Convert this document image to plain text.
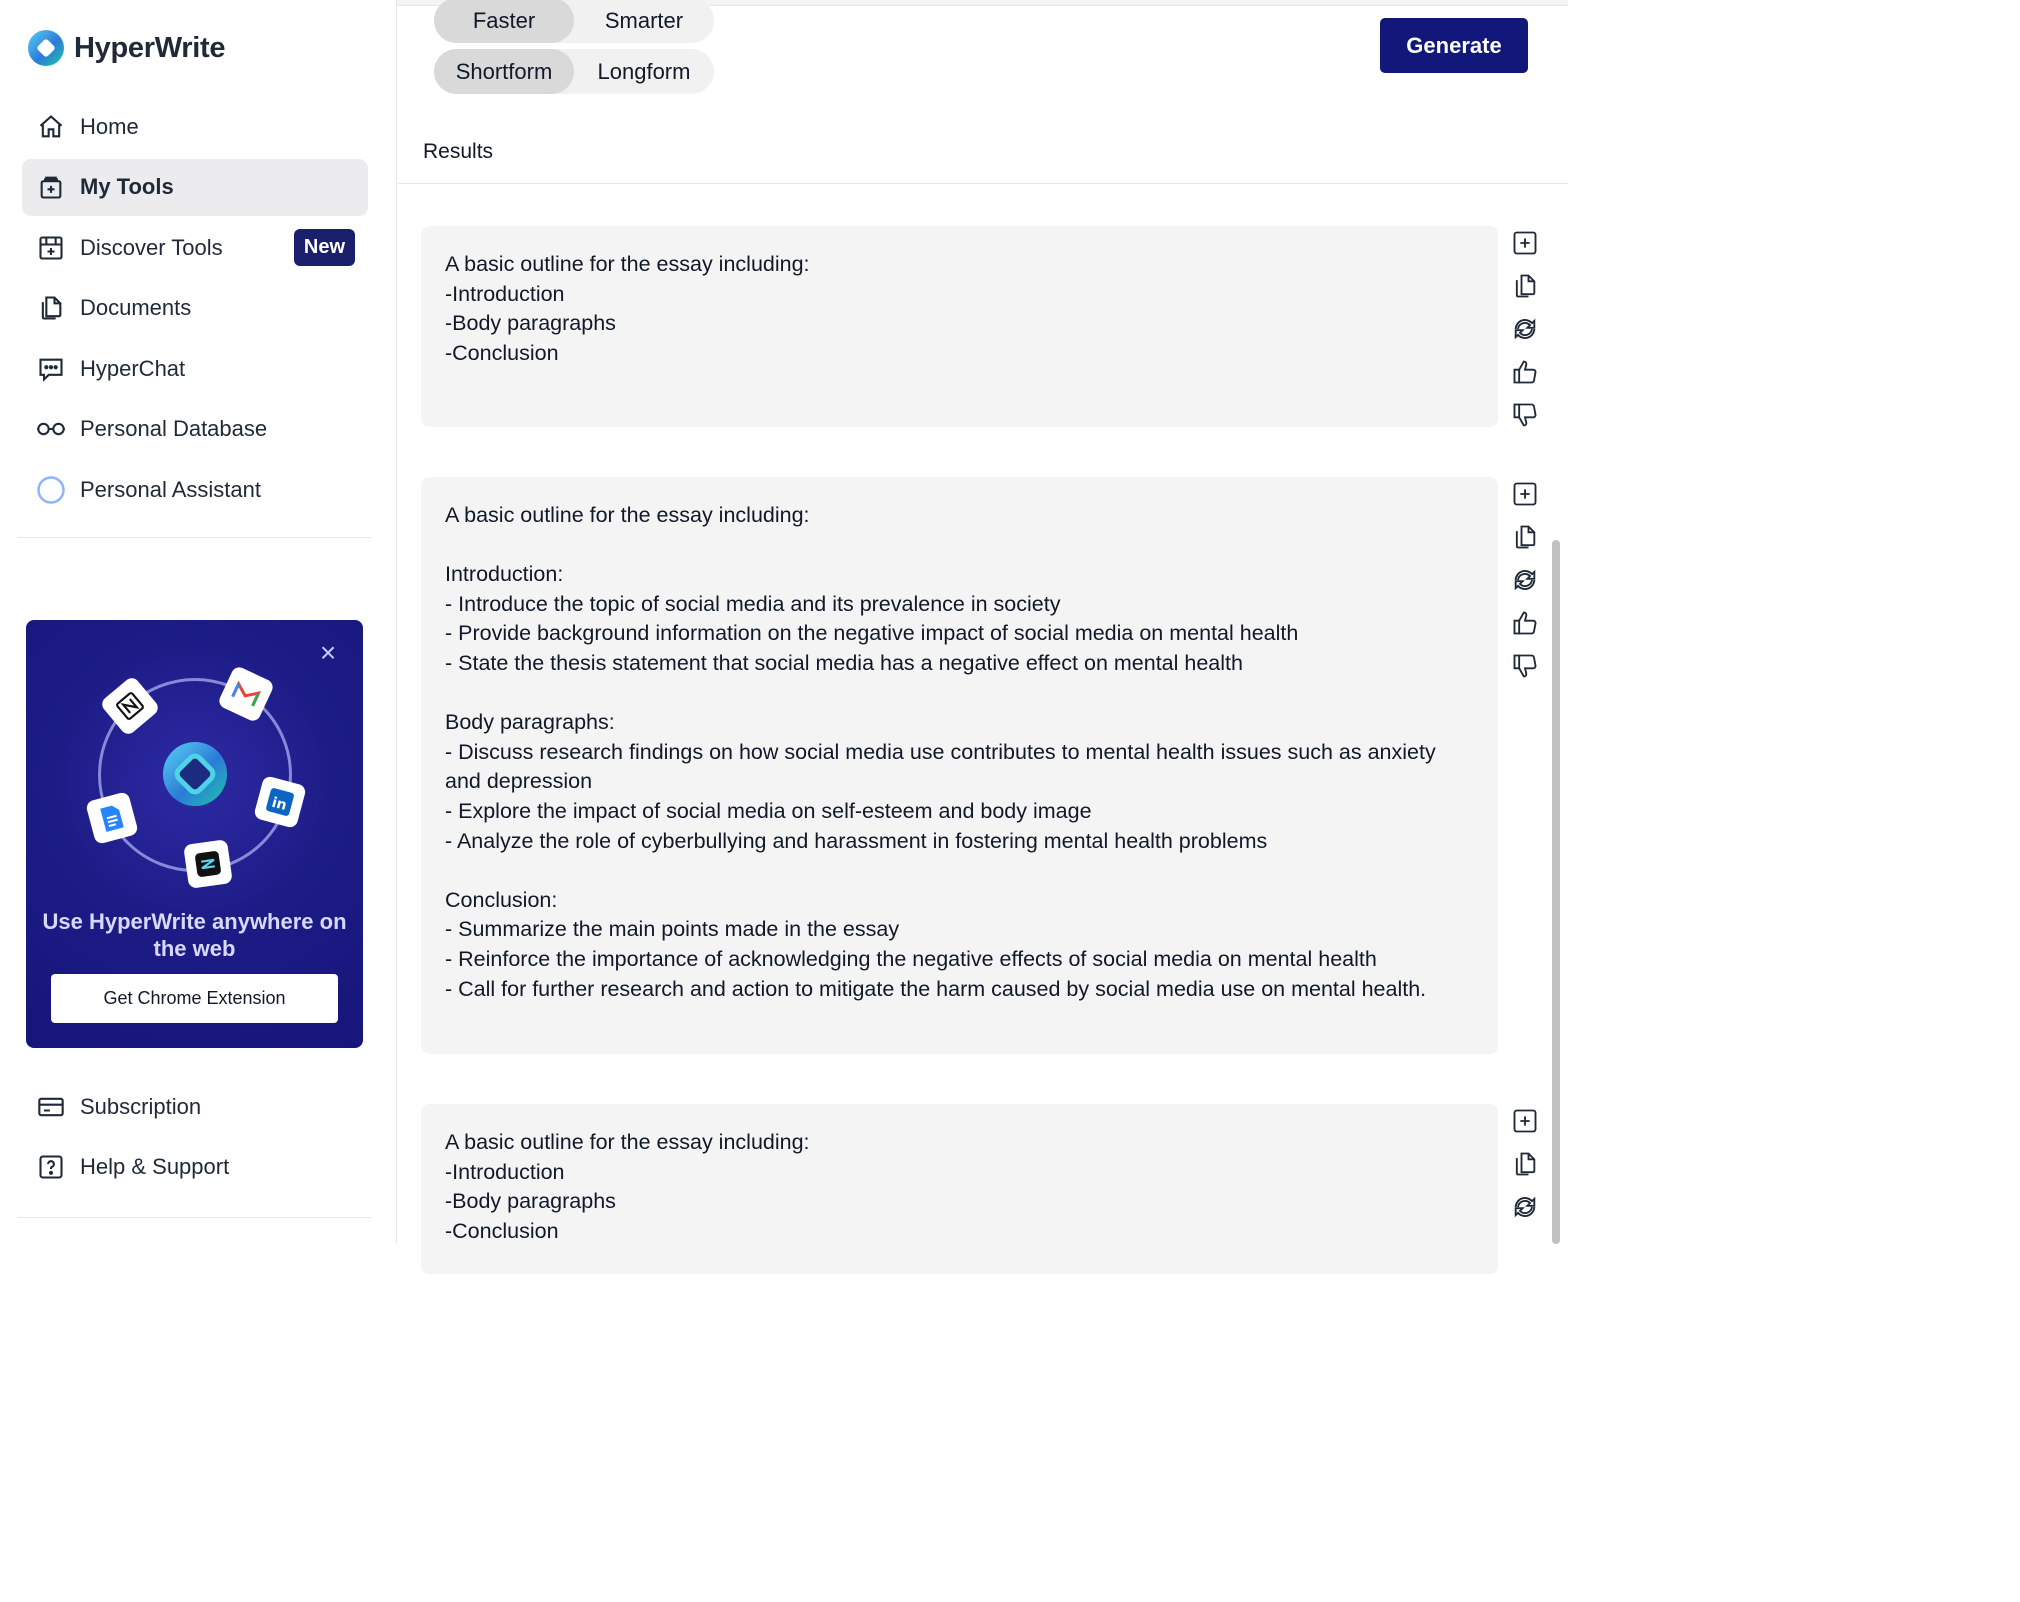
HyperWrite
Home
My Tools
Discover Tools	New
Documents
HyperChat
Personal Database
Personal Assistant
×
in
Use HyperWrite anywhere on the web
Get Chrome Extension
Subscription
Help & Support
Faster	Smarter
Shortform	Longform
Generate
Results

A basic outline for the essay including:
-Introduction
-Body paragraphs
-Conclusion

A basic outline for the essay including:

Introduction:
- Introduce the topic of social media and its prevalence in society
- Provide background information on the negative impact of social media on mental health
- State the thesis statement that social media has a negative effect on mental health

Body paragraphs:
- Discuss research findings on how social media use contributes to mental health issues such as anxiety and depression
- Explore the impact of social media on self-esteem and body image
- Analyze the role of cyberbullying and harassment in fostering mental health problems

Conclusion:
- Summarize the main points made in the essay
- Reinforce the importance of acknowledging the negative effects of social media on mental health
- Call for further research and action to mitigate the harm caused by social media use on mental health.

A basic outline for the essay including:
-Introduction
-Body paragraphs
-Conclusion
